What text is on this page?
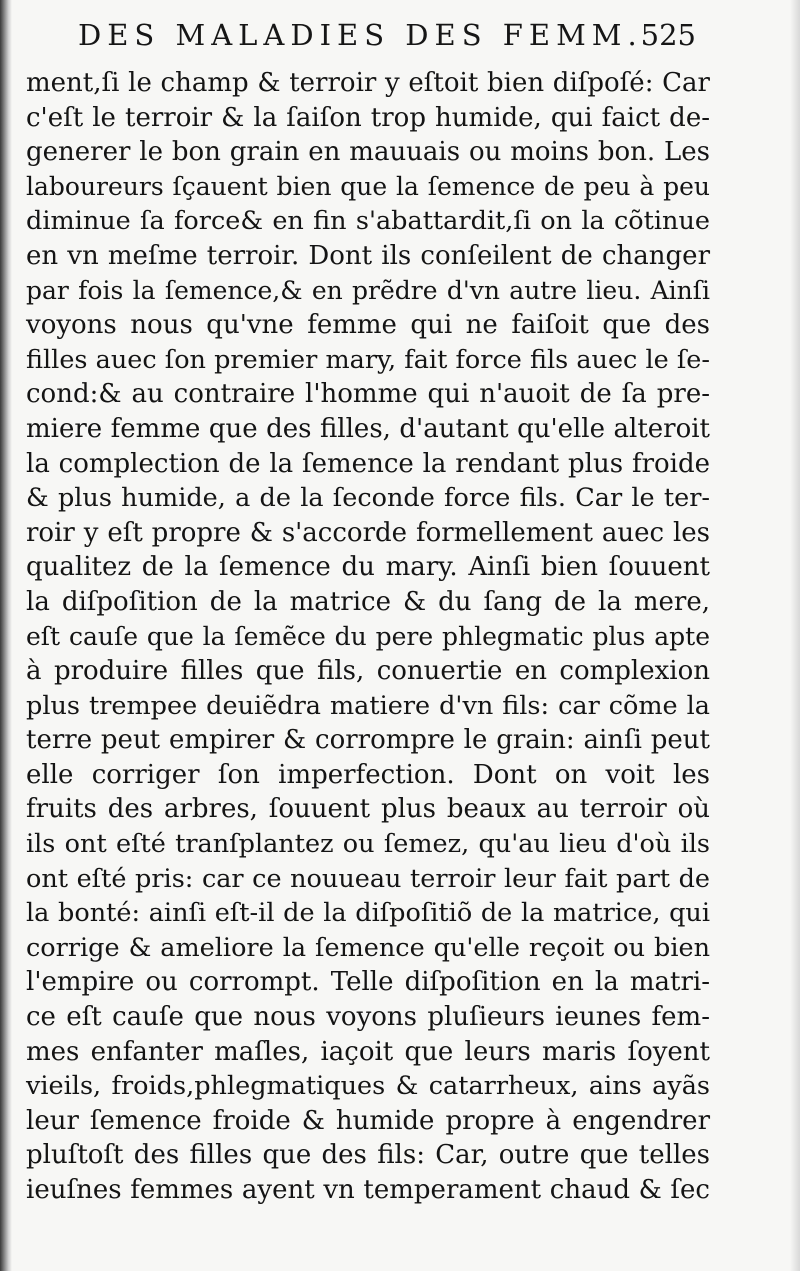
DES MALADIES DES FEMM.
525
ment,ſi le champ & terroir y eſtoit bien diſpoſé: Car
c'eſt le terroir & la ſaiſon trop humide, qui faict de-
generer le bon grain en mauuais ou moins bon. Les
laboureurs ſçauent bien que la ſemence de peu à peu
diminue ſa force& en fin s'abattardit,ſi on la cõtinue
en vn meſme terroir. Dont ils conſeilent de changer
par fois la ſemence,& en prẽdre d'vn autre lieu. Ainſi
voyons nous qu'vne femme qui ne faiſoit que des
filles auec ſon premier mary, fait force fils auec le ſe-
cond:& au contraire l'homme qui n'auoit de ſa pre-
miere femme que des filles, d'autant qu'elle alteroit
la complection de la ſemence la rendant plus froide
& plus humide, a de la ſeconde force fils. Car le ter-
roir y eſt propre & s'accorde formellement auec les
qualitez de la ſemence du mary. Ainſi bien ſouuent
la diſpoſition de la matrice & du ſang de la mere,
eſt cauſe que la ſemẽce du pere phlegmatic plus apte
à produire filles que fils, conuertie en complexion
plus trempee deuiẽdra matiere d'vn fils: car cõme la
terre peut empirer & corrompre le grain: ainſi peut
elle corriger ſon imperfection. Dont on voit les
fruits des arbres, ſouuent plus beaux au terroir où
ils ont eſté tranſplantez ou ſemez, qu'au lieu d'où ils
ont eſté pris: car ce nouueau terroir leur fait part de
la bonté: ainſi eſt-il de la diſpoſitiõ de la matrice, qui
corrige & ameliore la ſemence qu'elle reçoit ou bien
l'empire ou corrompt. Telle diſpoſition en la matri-
ce eſt cauſe que nous voyons pluſieurs ieunes fem-
mes enfanter maſles, iaçoit que leurs maris ſoyent
vieils, froids,phlegmatiques & catarrheux, ains ayãs
leur ſemence froide & humide propre à engendrer
pluſtoſt des filles que des fils: Car, outre que telles
ieuſnes femmes ayent vn temperament chaud & ſec
